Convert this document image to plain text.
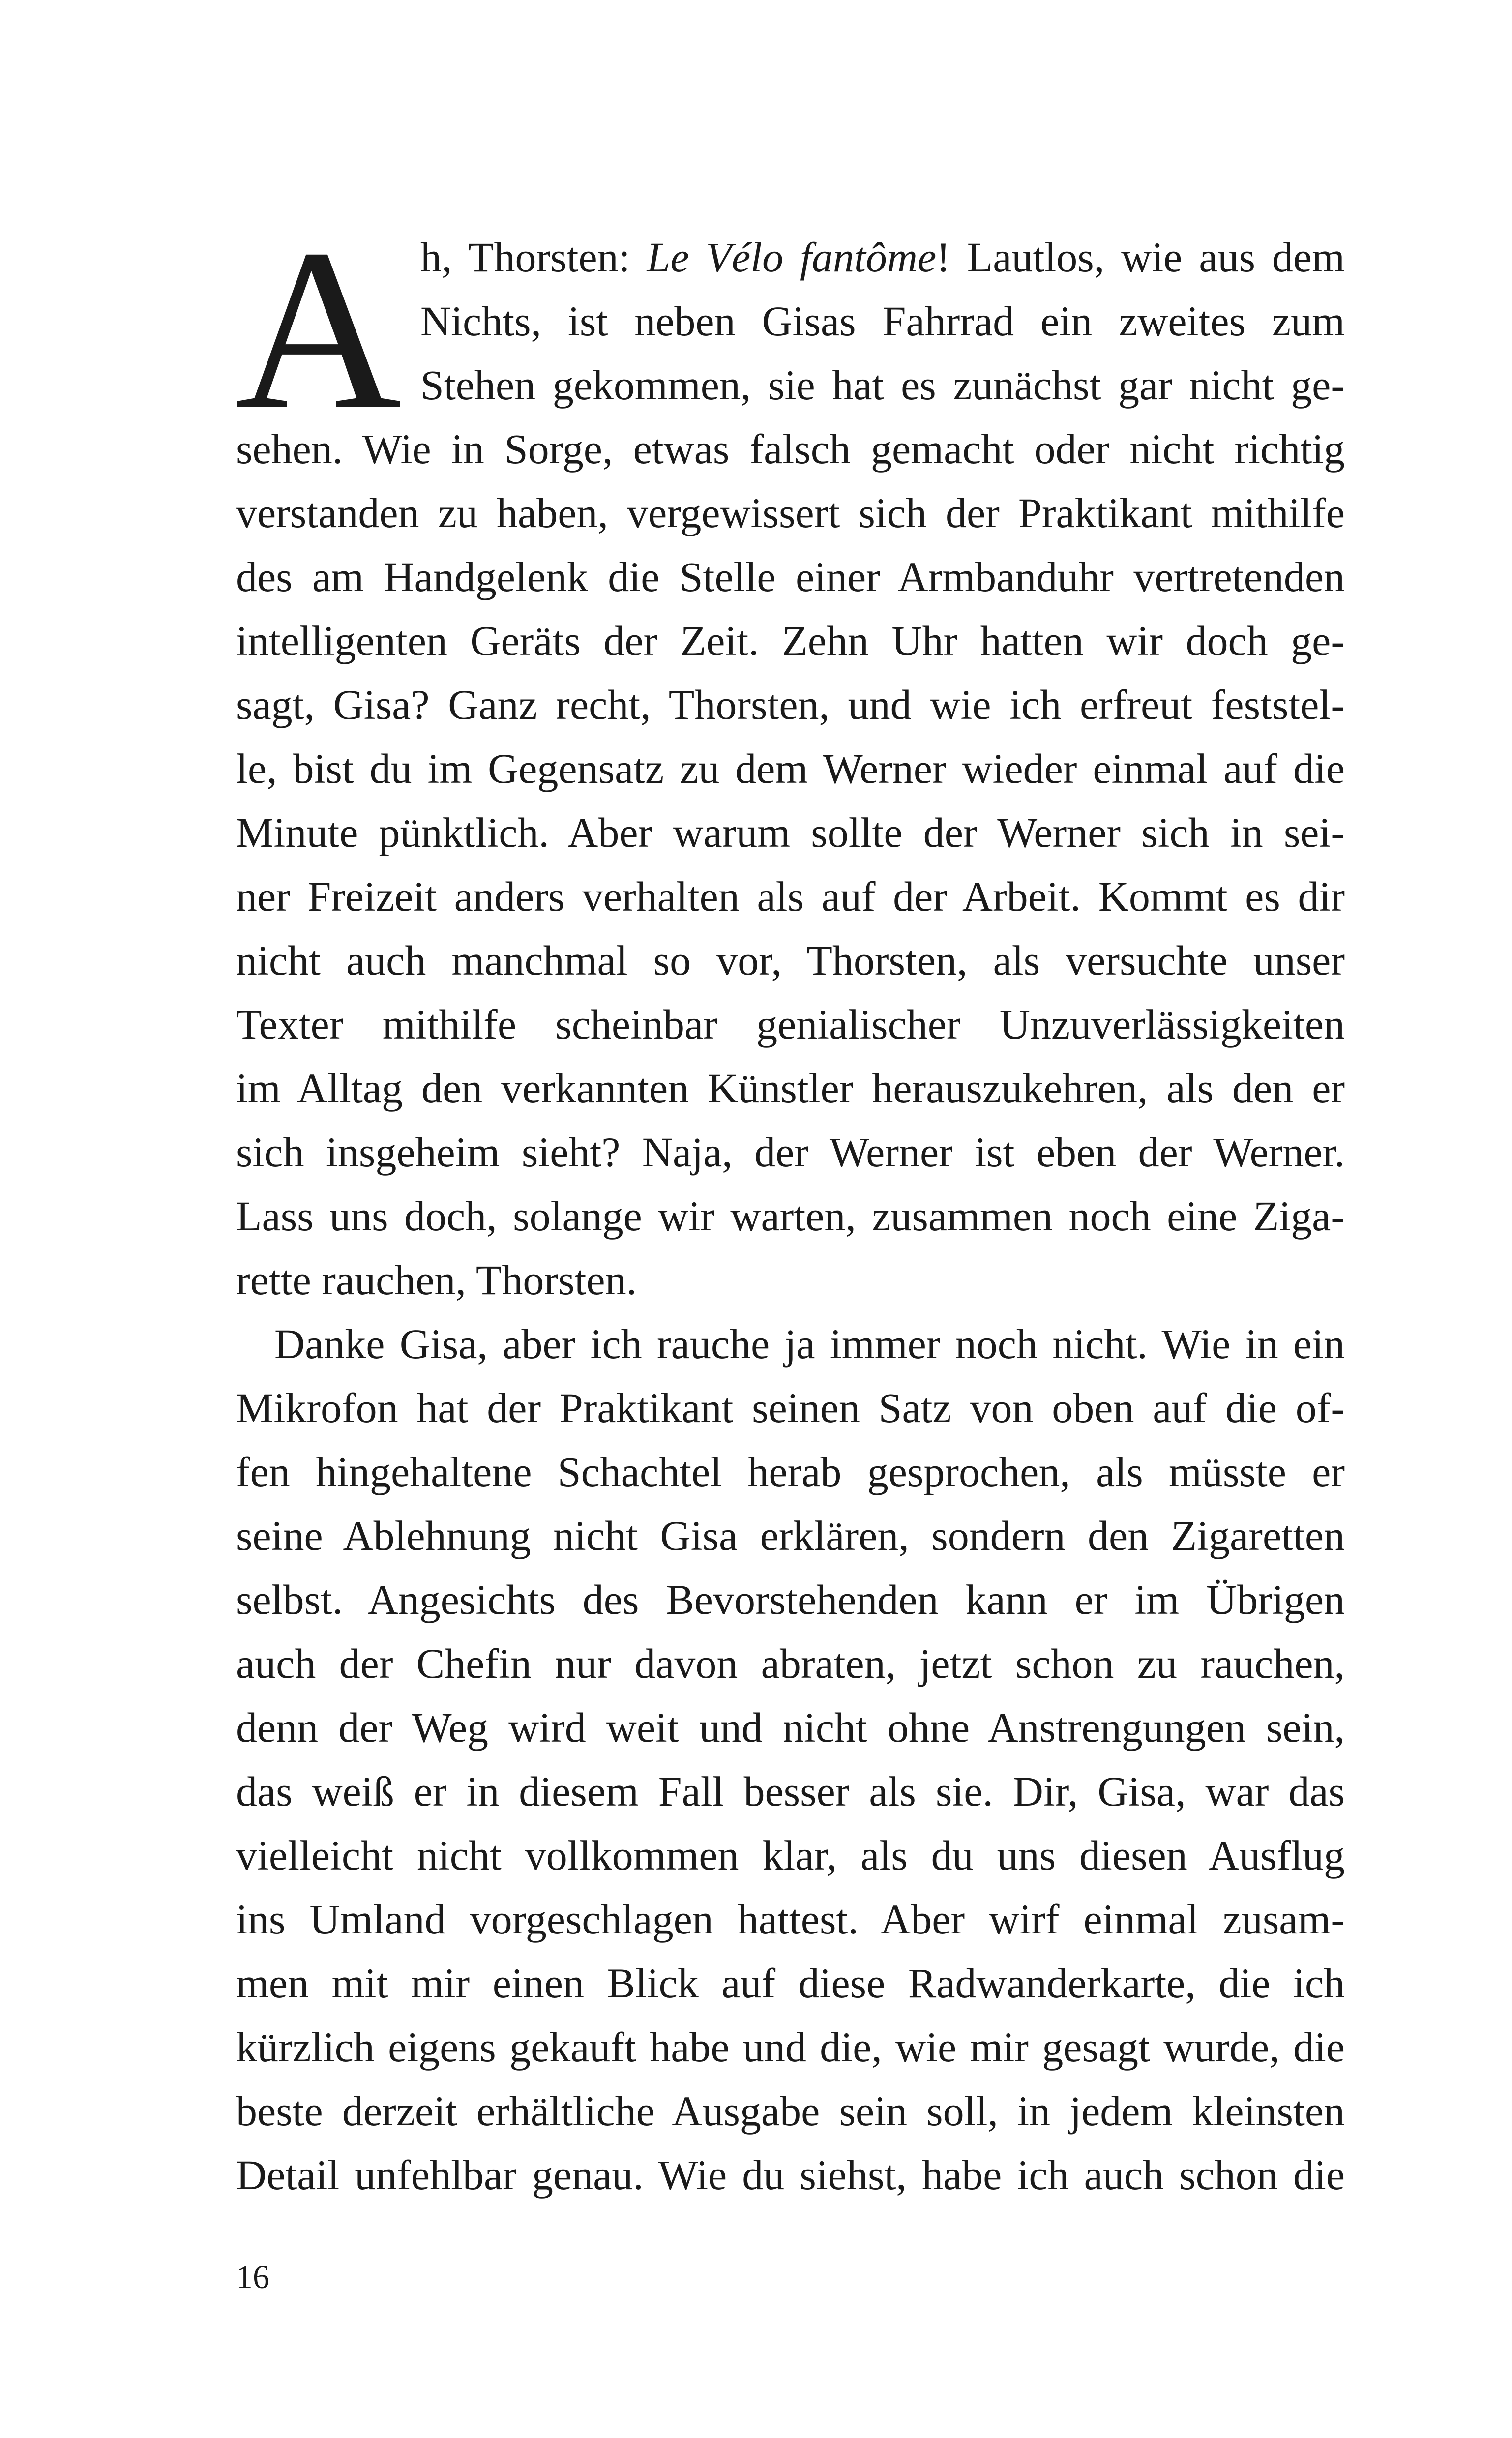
A h, Thorsten: Le Vélo fantôme! Lautlos, wie aus dem
Nichts, ist neben Gisas Fahrrad ein zweites zum
Stehen gekommen, sie hat es zunächst gar nicht ge-
sehen. Wie in Sorge, etwas falsch gemacht oder nicht richtig
verstanden zu haben, vergewissert sich der Praktikant mithilfe
des am Handgelenk die Stelle einer Armbanduhr vertretenden
intelligenten Geräts der Zeit. Zehn Uhr hatten wir doch ge-
sagt, Gisa? Ganz recht, Thorsten, und wie ich erfreut feststel-
le, bist du im Gegensatz zu dem Werner wieder einmal auf die
Minute pünktlich. Aber warum sollte der Werner sich in sei-
ner Freizeit anders verhalten als auf der Arbeit. Kommt es dir
nicht auch manchmal so vor, Thorsten, als versuchte unser
Texter mithilfe scheinbar genialischer Unzuverlässigkeiten
im Alltag den verkannten Künstler herauszukehren, als den er
sich insgeheim sieht? Naja, der Werner ist eben der Werner.
Lass uns doch, solange wir warten, zusammen noch eine Ziga-
rette rauchen, Thorsten.
Danke Gisa, aber ich rauche ja immer noch nicht. Wie in ein
Mikrofon hat der Praktikant seinen Satz von oben auf die of-
fen hingehaltene Schachtel herab gesprochen, als müsste er
seine Ablehnung nicht Gisa erklären, sondern den Zigaretten
selbst. Angesichts des Bevorstehenden kann er im Übrigen
auch der Chefin nur davon abraten, jetzt schon zu rauchen,
denn der Weg wird weit und nicht ohne Anstrengungen sein,
das weiß er in diesem Fall besser als sie. Dir, Gisa, war das
vielleicht nicht vollkommen klar, als du uns diesen Ausflug
ins Umland vorgeschlagen hattest. Aber wirf einmal zusam-
men mit mir einen Blick auf diese Radwanderkarte, die ich
kürzlich eigens gekauft habe und die, wie mir gesagt wurde, die
beste derzeit erhältliche Ausgabe sein soll, in jedem kleinsten
Detail unfehlbar genau. Wie du siehst, habe ich auch schon die
16
